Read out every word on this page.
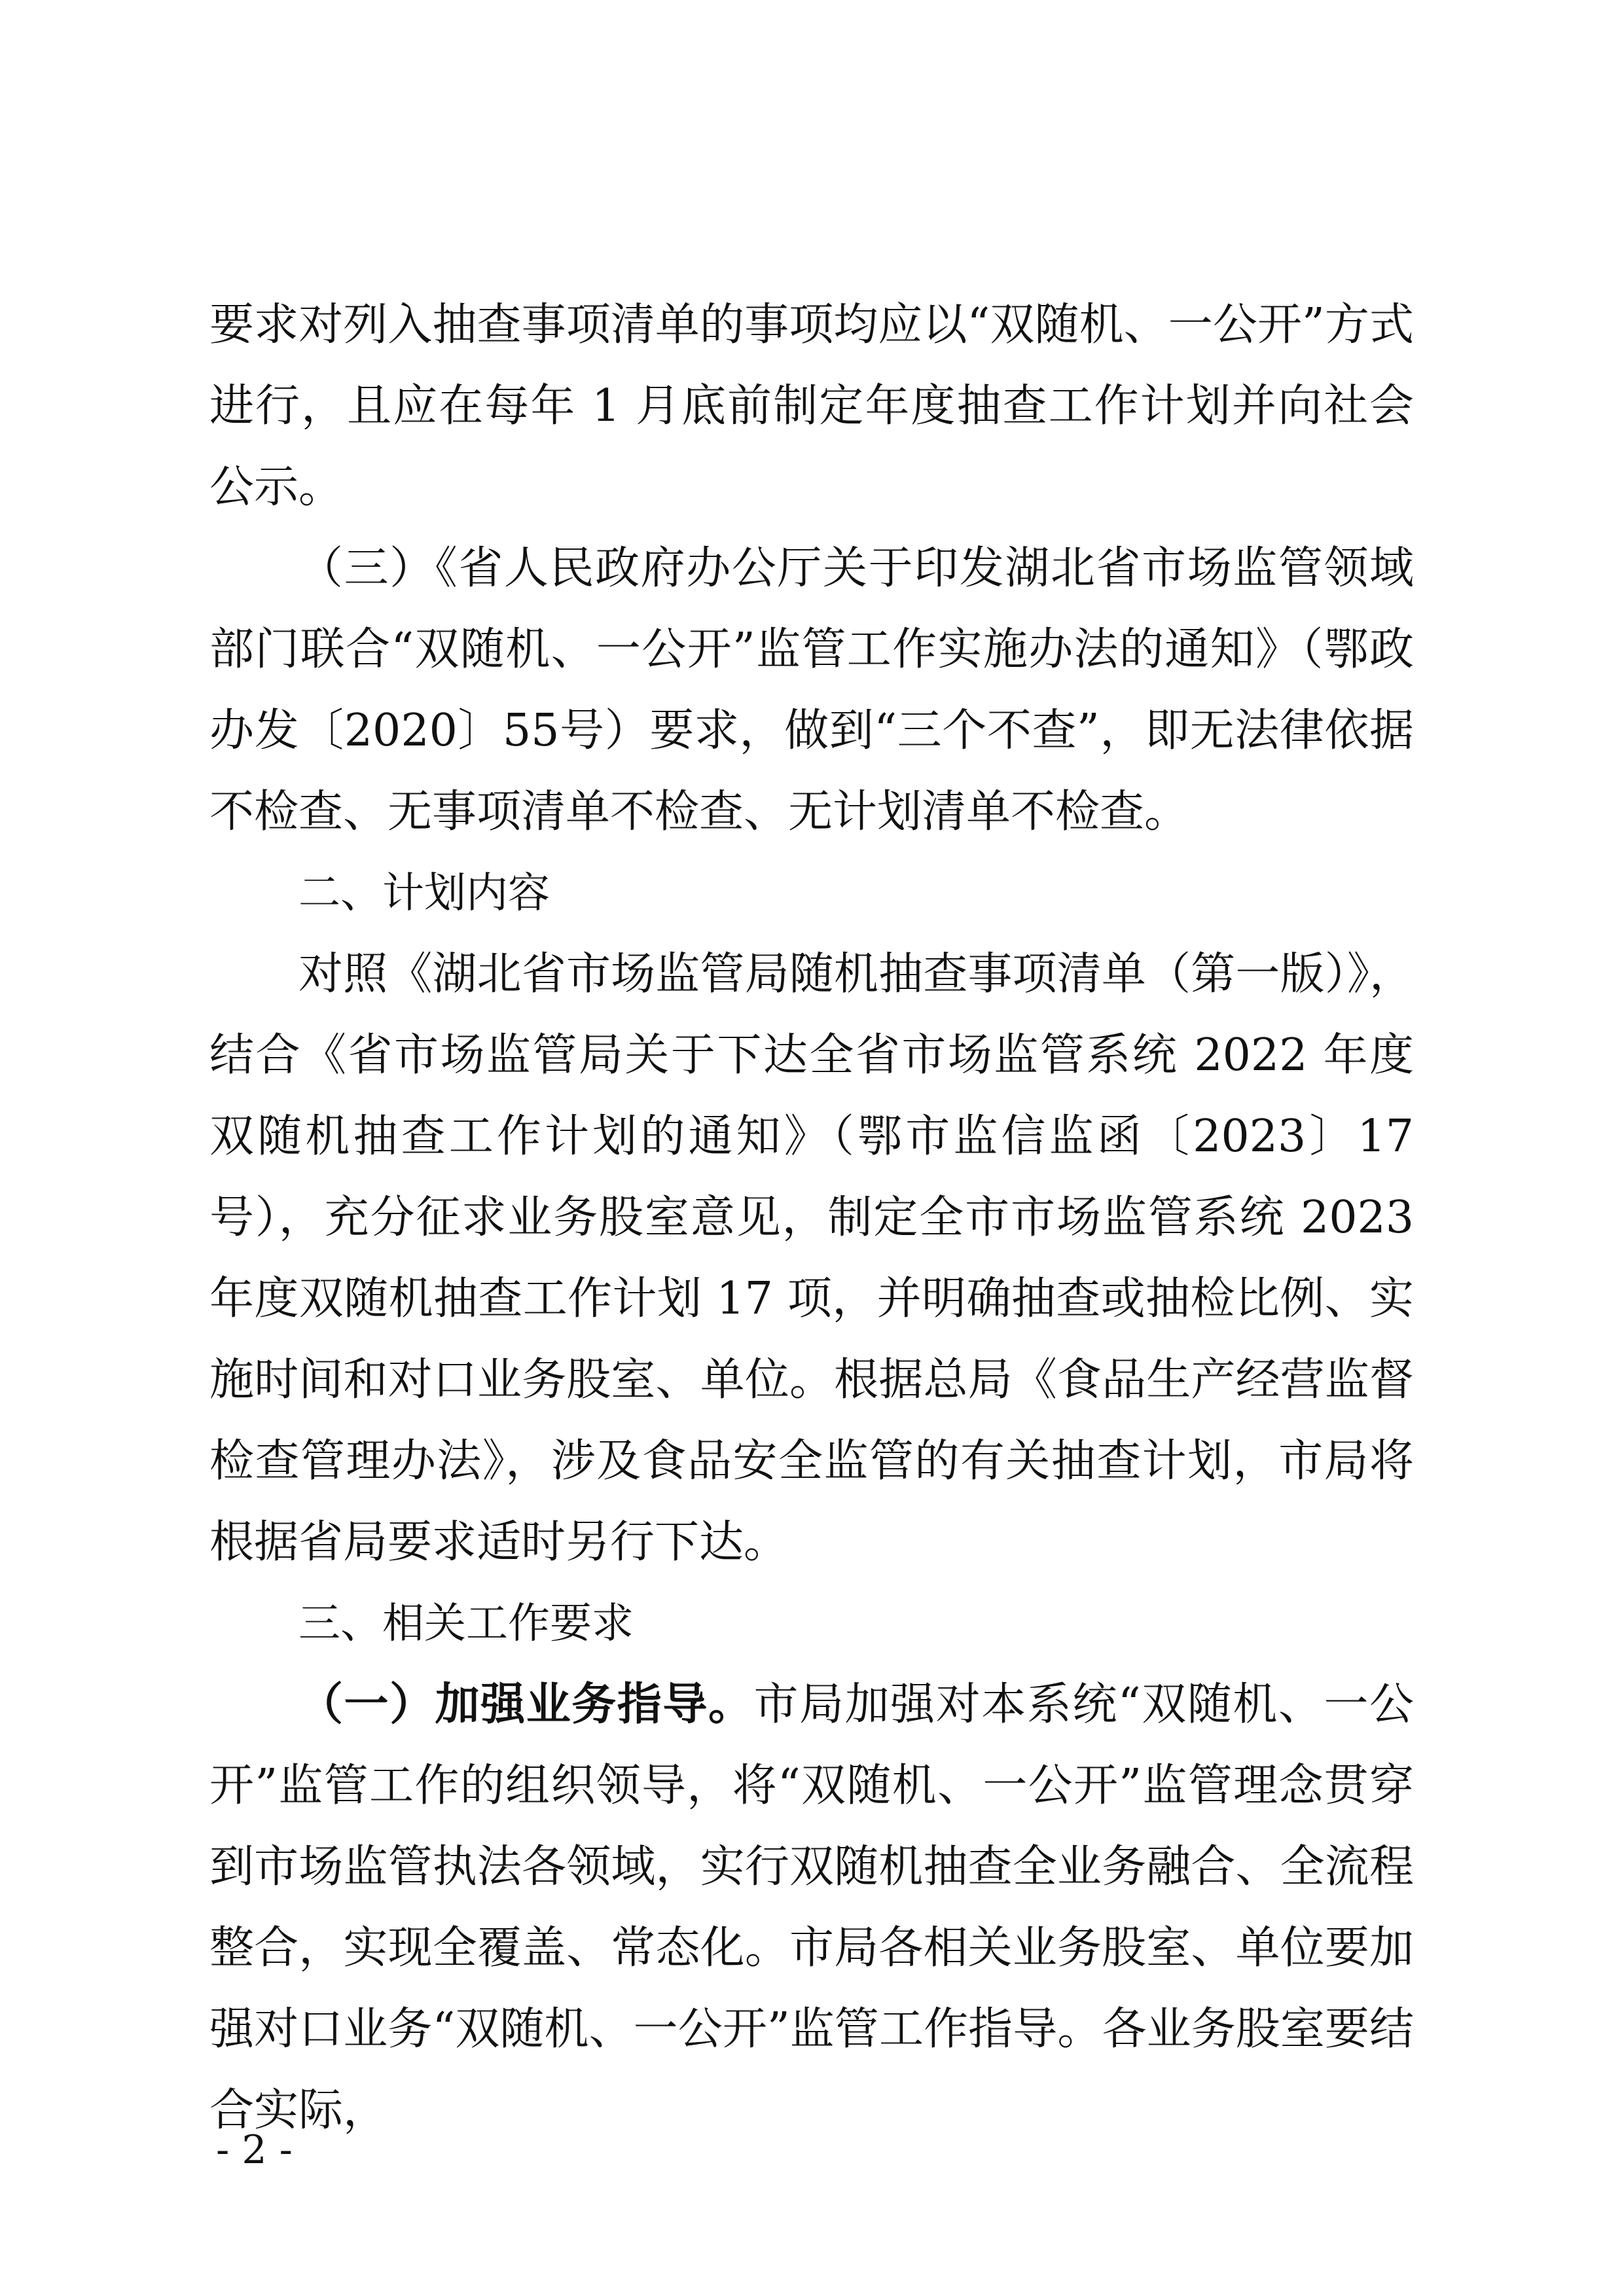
要求对列入抽查事项清单的事项均应以“双随机、一公开”方式进行，且应在每年 1 月底前制定年度抽查工作计划并向社会公示。

（三）《省人民政府办公厅关于印发湖北省市场监管领域部门联合“双随机、一公开”监管工作实施办法的通知》（鄂政办发〔2020〕55号）要求，做到“三个不查”，即无法律依据不检查、无事项清单不检查、无计划清单不检查。

二、计划内容

对照《湖北省市场监管局随机抽查事项清单（第一版）》，结合《省市场监管局关于下达全省市场监管系统 2022 年度双随机抽查工作计划的通知》（鄂市监信监函〔2023〕17 号），充分征求业务股室意见，制定全市市场监管系统 2023 年度双随机抽查工作计划 17 项，并明确抽查或抽检比例、实施时间和对口业务股室、单位。根据总局《食品生产经营监督检查管理办法》，涉及食品安全监管的有关抽查计划，市局将根据省局要求适时另行下达。

三、相关工作要求

（一）加强业务指导。市局加强对本系统“双随机、一公开”监管工作的组织领导，将“双随机、一公开”监管理念贯穿到市场监管执法各领域，实行双随机抽查全业务融合、全流程整合，实现全覆盖、常态化。市局各相关业务股室、单位要加强对口业务“双随机、一公开”监管工作指导。各业务股室要结合实际，

- 2 -
